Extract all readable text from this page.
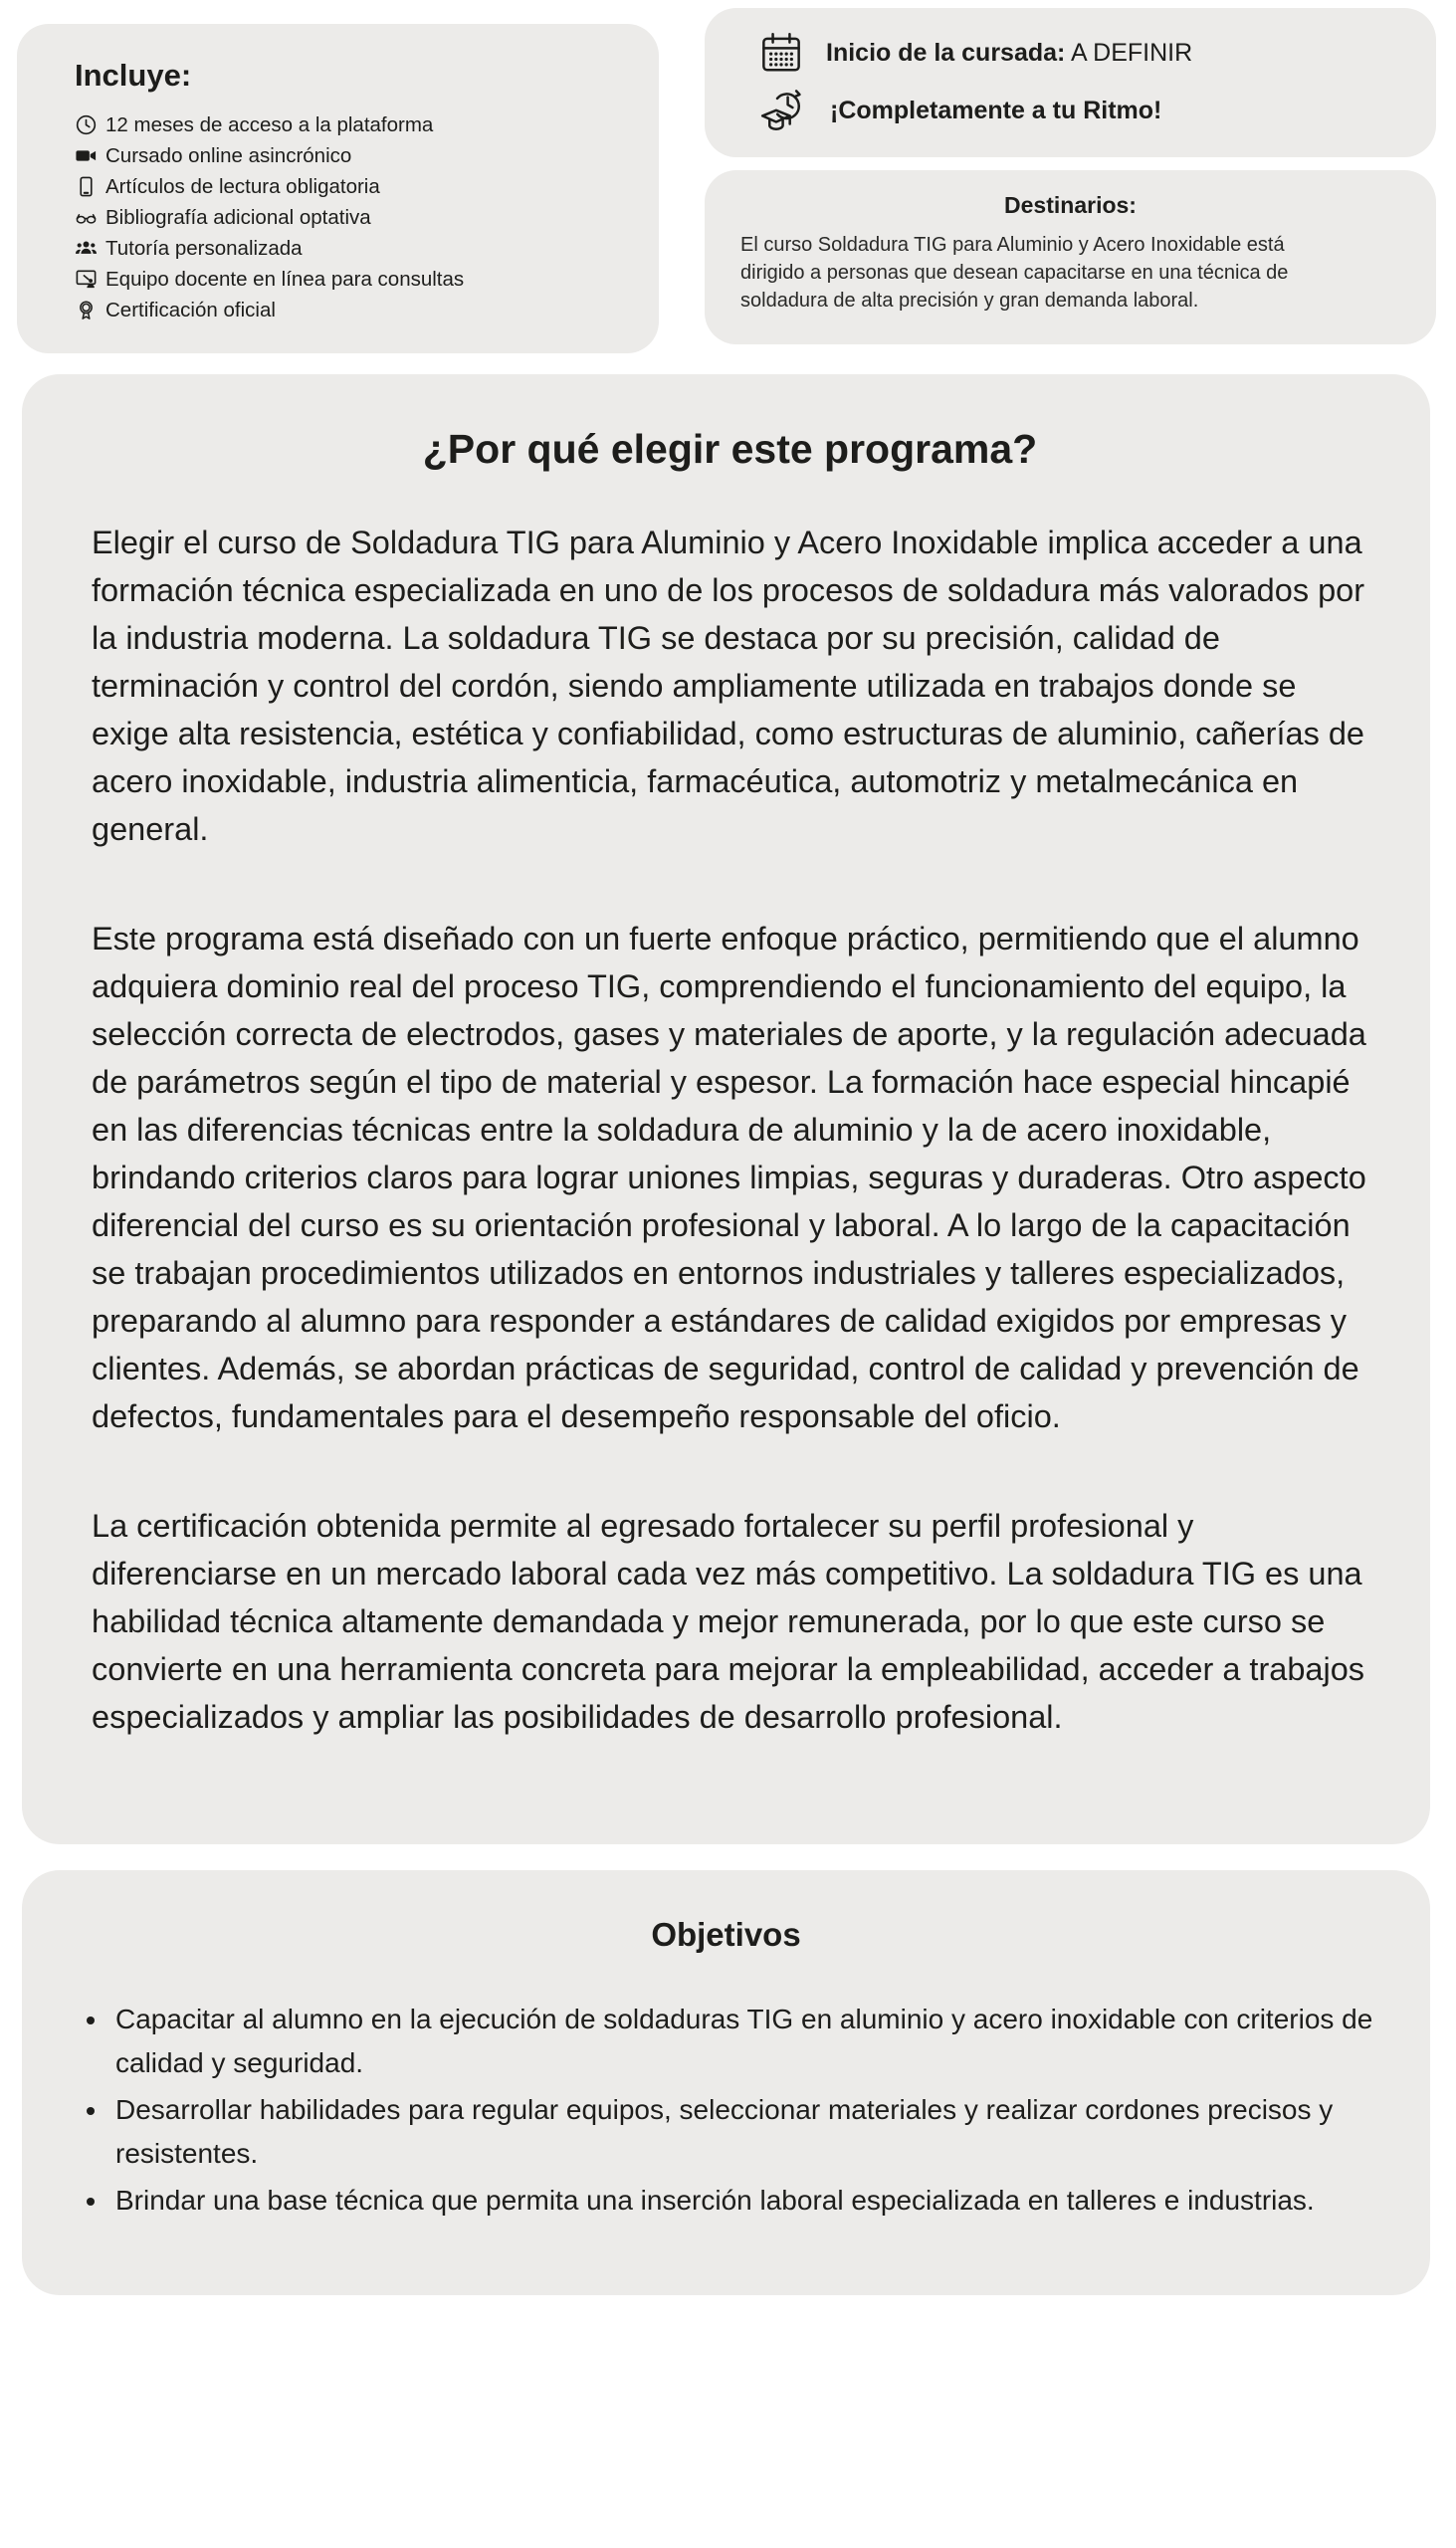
Incluye:
12 meses de acceso a la plataforma
Cursado online asincrónico
Artículos de lectura obligatoria
Bibliografía adicional optativa
Tutoría personalizada
Equipo docente en línea para consultas
Certificación oficial

Inicio de la cursada: A DEFINIR

¡Completamente a tu Ritmo!

Destinarios:

El curso Soldadura TIG para Aluminio y Acero Inoxidable está dirigido a personas que desean capacitarse en una técnica de soldadura de alta precisión y gran demanda laboral.

¿Por qué elegir este programa?

Elegir el curso de Soldadura TIG para Aluminio y Acero Inoxidable implica acceder a una formación técnica especializada en uno de los procesos de soldadura más valorados por la industria moderna. La soldadura TIG se destaca por su precisión, calidad de terminación y control del cordón, siendo ampliamente utilizada en trabajos donde se exige alta resistencia, estética y confiabilidad, como estructuras de aluminio, cañerías de acero inoxidable, industria alimenticia, farmacéutica, automotriz y metalmecánica en general.

Este programa está diseñado con un fuerte enfoque práctico, permitiendo que el alumno adquiera dominio real del proceso TIG, comprendiendo el funcionamiento del equipo, la selección correcta de electrodos, gases y materiales de aporte, y la regulación adecuada de parámetros según el tipo de material y espesor. La formación hace especial hincapié en las diferencias técnicas entre la soldadura de aluminio y la de acero inoxidable, brindando criterios claros para lograr uniones limpias, seguras y duraderas. Otro aspecto diferencial del curso es su orientación profesional y laboral. A lo largo de la capacitación se trabajan procedimientos utilizados en entornos industriales y talleres especializados, preparando al alumno para responder a estándares de calidad exigidos por empresas y clientes. Además, se abordan prácticas de seguridad, control de calidad y prevención de defectos, fundamentales para el desempeño responsable del oficio.

La certificación obtenida permite al egresado fortalecer su perfil profesional y diferenciarse en un mercado laboral cada vez más competitivo. La soldadura TIG es una habilidad técnica altamente demandada y mejor remunerada, por lo que este curso se convierte en una herramienta concreta para mejorar la empleabilidad, acceder a trabajos especializados y ampliar las posibilidades de desarrollo profesional.

Objetivos
• Capacitar al alumno en la ejecución de soldaduras TIG en aluminio y acero inoxidable con criterios de calidad y seguridad.
• Desarrollar habilidades para regular equipos, seleccionar materiales y realizar cordones precisos y resistentes.
• Brindar una base técnica que permita una inserción laboral especializada en talleres e industrias.
